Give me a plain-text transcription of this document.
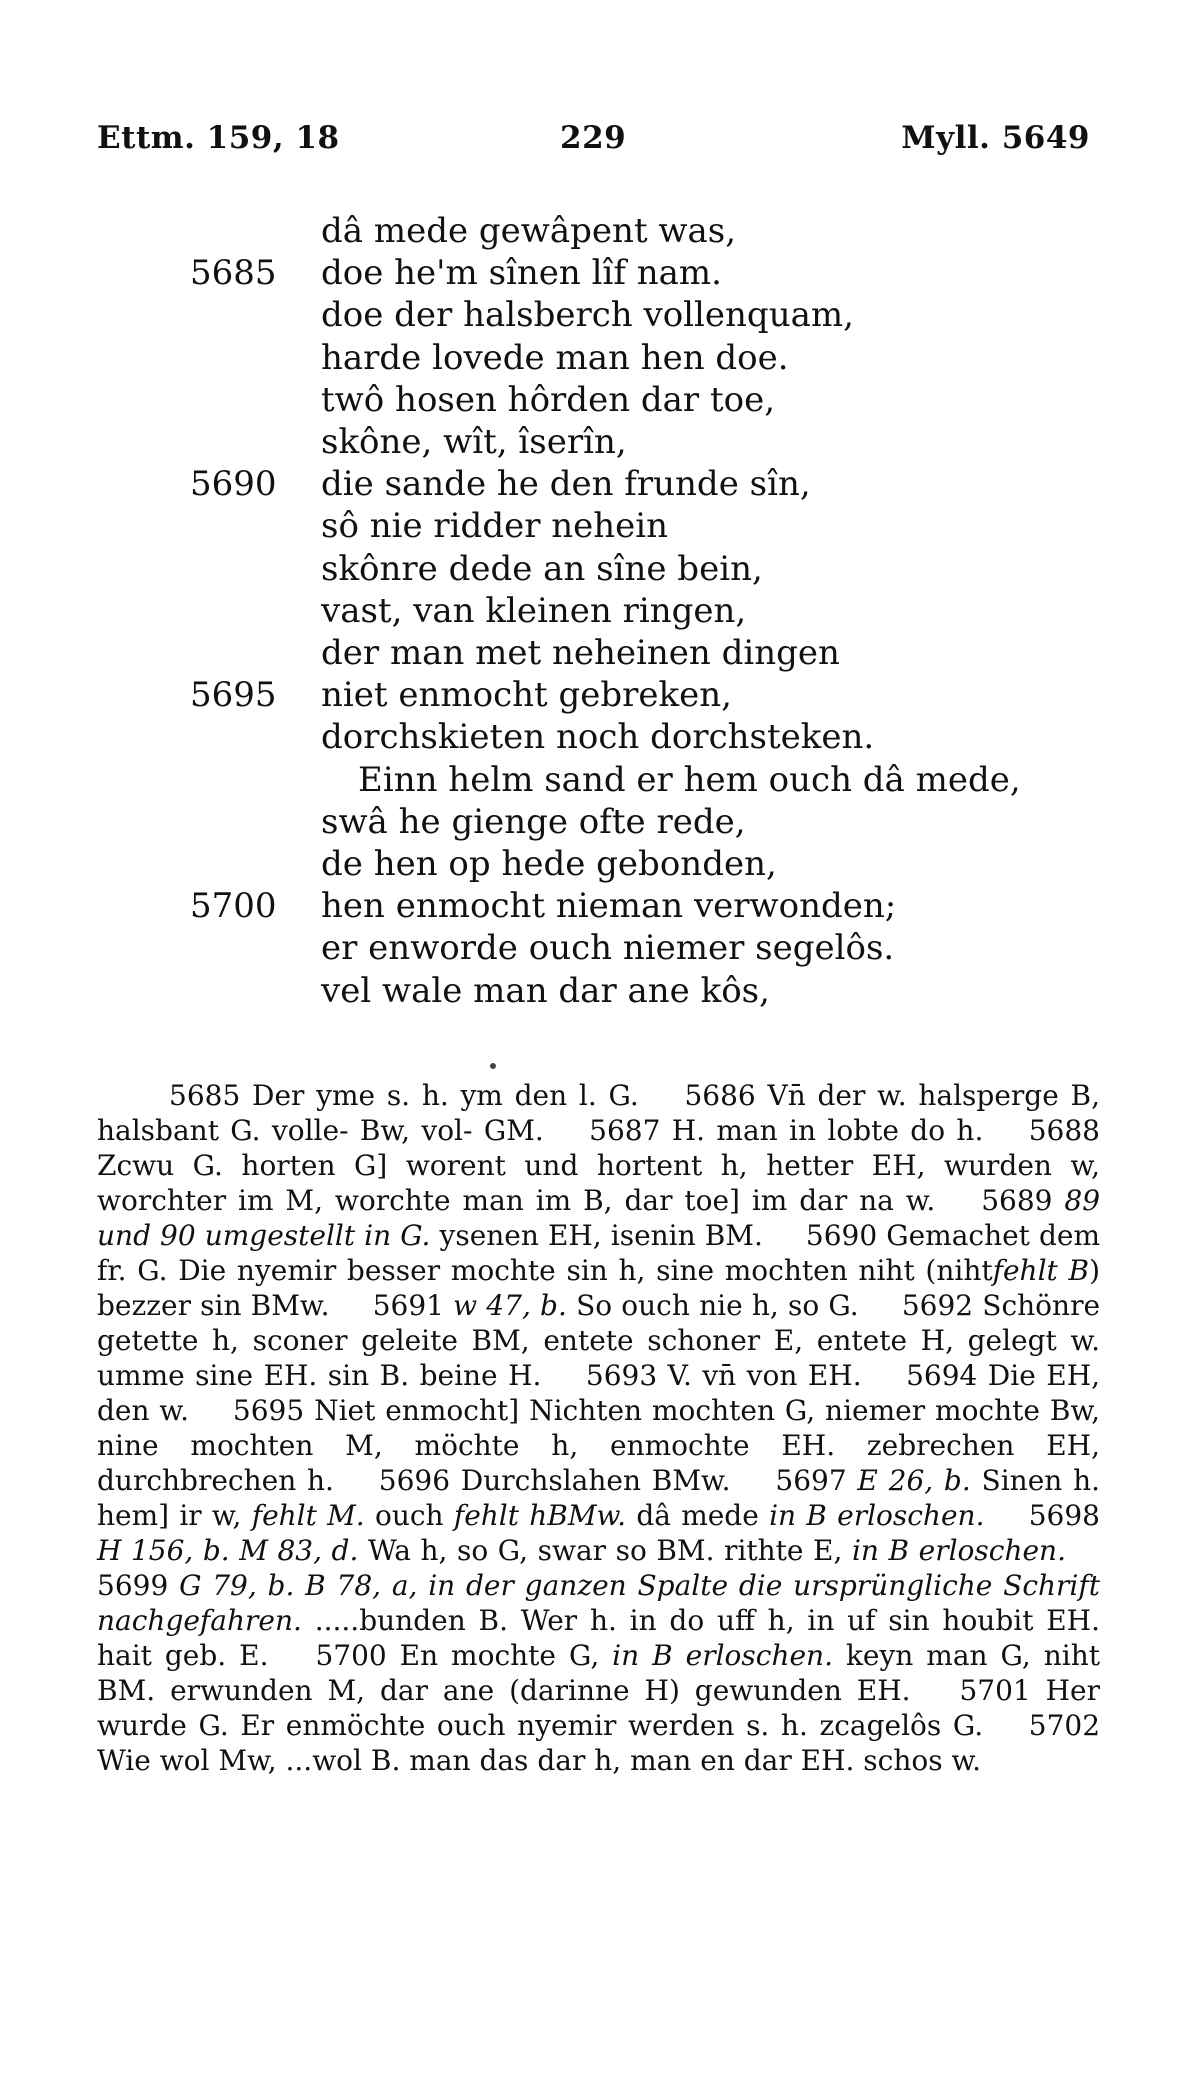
Ettm. 159, 18	229	Myll. 5649
dâ mede gewâpent was,
5685 doe he'm sînen lîf nam.
doe der halsberch vollenquam,
harde lovede man hen doe.
twô hosen hôrden dar toe,
skône, wît, îserîn,
5690 die sande he den frunde sîn,
sô nie ridder nehein
skônre dede an sîne bein,
vast, van kleinen ringen,
der man met neheinen dingen
5695 niet enmocht gebreken,
dorchskieten noch dorchsteken.
Einn helm sand er hem ouch dâ mede,
swâ he gienge ofte rede,
de hen op hede gebonden,
5700 hen enmocht nieman verwonden;
er enworde ouch niemer segelôs.
vel wale man dar ane kôs,

5685 Der yme s. h. ym den l. G. 5686 Vn̄ der w. halsperge B, halsbant G. volle- Bw, vol- GM. 5687 H. man in lobte do h. 5688 Zcwu G. horten G] worent und hortent h, hetter EH, wurden w, worchter im M, worchte man im B, dar toe] im dar na w. 5689 89 und 90 umgestellt in G. ysenen EH, isenin BM. 5690 Gemachet dem fr. G. Die nyemir besser mochte sin h, sine mochten niht (nihtfehlt B) bezzer sin BMw. 5691 w 47, b. So ouch nie h, so G. 5692 Schönre getette h, sconer geleite BM, entete schoner E, entete H, gelegt w. umme sine EH. sin B. beine H. 5693 V. vn̄ von EH. 5694 Die EH, den w. 5695 Niet enmocht] Nichten mochten G, niemer mochte Bw, nine mochten M, möchte h, enmochte EH. zebrechen EH, durchbrechen h. 5696 Durchslahen BMw. 5697 E 26, b. Sinen h. hem] ir w, fehlt M. ouch fehlt hBMw. dâ mede in B erloschen. 5698 H 156, b. M 83, d. Wa h, so G, swar so BM. rithte E, in B erloschen. 5699 G 79, b. B 78, a, in der ganzen Spalte die ursprüngliche Schrift nachgefahren. .....bunden B. Wer h. in do uff h, in uf sin houbit EH. hait geb. E. 5700 En mochte G, in B erloschen. keyn man G, niht BM. erwunden M, dar ane (darinne H) gewunden EH. 5701 Her wurde G. Er enmöchte ouch nyemir werden s. h. zcagelôs G. 5702 Wie wol Mw, ...wol B. man das dar h, man en dar EH. schos w.
